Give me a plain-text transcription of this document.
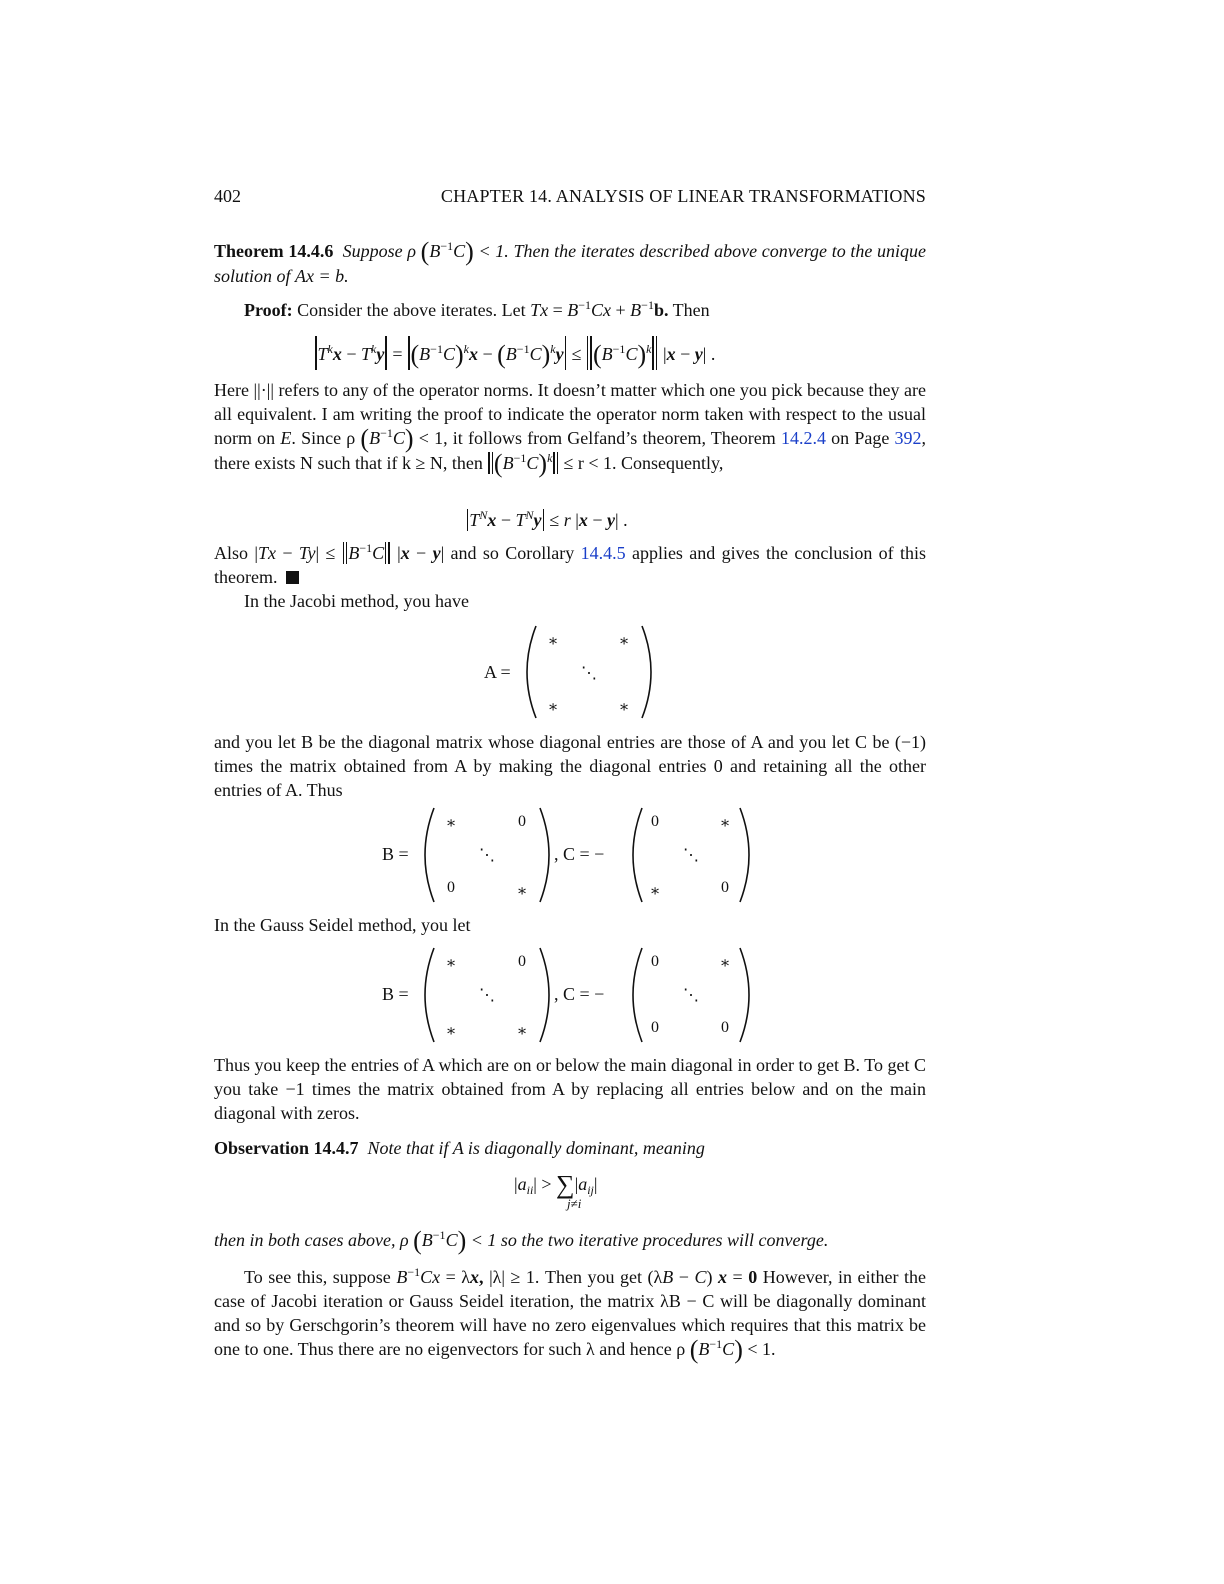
402	CHAPTER 14. ANALYSIS OF LINEAR TRANSFORMATIONS
Theorem 14.4.6 Suppose ρ $(B^{-1}C) < 1$. Then the iterates described above converge to the unique solution of Ax = b.
Proof: Consider the above iterates. Let $Tx = B^{-1}Cx + B^{-1}b$. Then
$T^kx - T^ky = (B^{-1}C)^kx - (B^{-1}C)^ky \le (B^{-1}C)^k$ |x − y| .
Here ||·|| refers to any of the operator norms. It doesn’t matter which one you pick because they are all equivalent. I am writing the proof to indicate the operator norm taken with respect to the usual norm on E. Since ρ $(B^{-1}C) < 1$, it follows from Gelfand’s theorem, Theorem 14.2.4 on Page 392, there exists N such that if k ≥ N, then $(B^{-1}C)^k \le r < 1$. Consequently,
$T^Nx - T^Ny \le r$ |x − y| .
Also $|Tx - Ty| \le B^{-1}C$ |x − y| and so Corollary 14.4.5 applies and gives the conclusion of this theorem.
In the Jacobi method, you have
A =
∗	∗
⋱
∗	∗
and you let B be the diagonal matrix whose diagonal entries are those of A and you let C be (−1) times the matrix obtained from A by making the diagonal entries 0 and retaining all the other entries of A. Thus
B =
∗	0
⋱
0	∗
, C = −
0	∗
⋱
∗	0
In the Gauss Seidel method, you let
B =
∗	0
⋱
∗	∗
, C = −
0	∗
⋱
0	0
Thus you keep the entries of A which are on or below the main diagonal in order to get B. To get C you take −1 times the matrix obtained from A by replacing all entries below and on the main diagonal with zeros.
Observation 14.4.7 Note that if A is diagonally dominant, meaning
$|a_{ii}| > \sum|a_{ij}|$
j≠i
then in both cases above, ρ $(B^{-1}C) < 1$ so the two iterative procedures will converge.
To see this, suppose $B^{-1}Cx = \lambda x$, |λ| ≥ 1. Then you get (λB − C) x = 0 However, in either the case of Jacobi iteration or Gauss Seidel iteration, the matrix λB − C will be diagonally dominant and so by Gerschgorin’s theorem will have no zero eigenvalues which requires that this matrix be one to one. Thus there are no eigenvectors for such λ and hence ρ $(B^{-1}C) < 1$.
